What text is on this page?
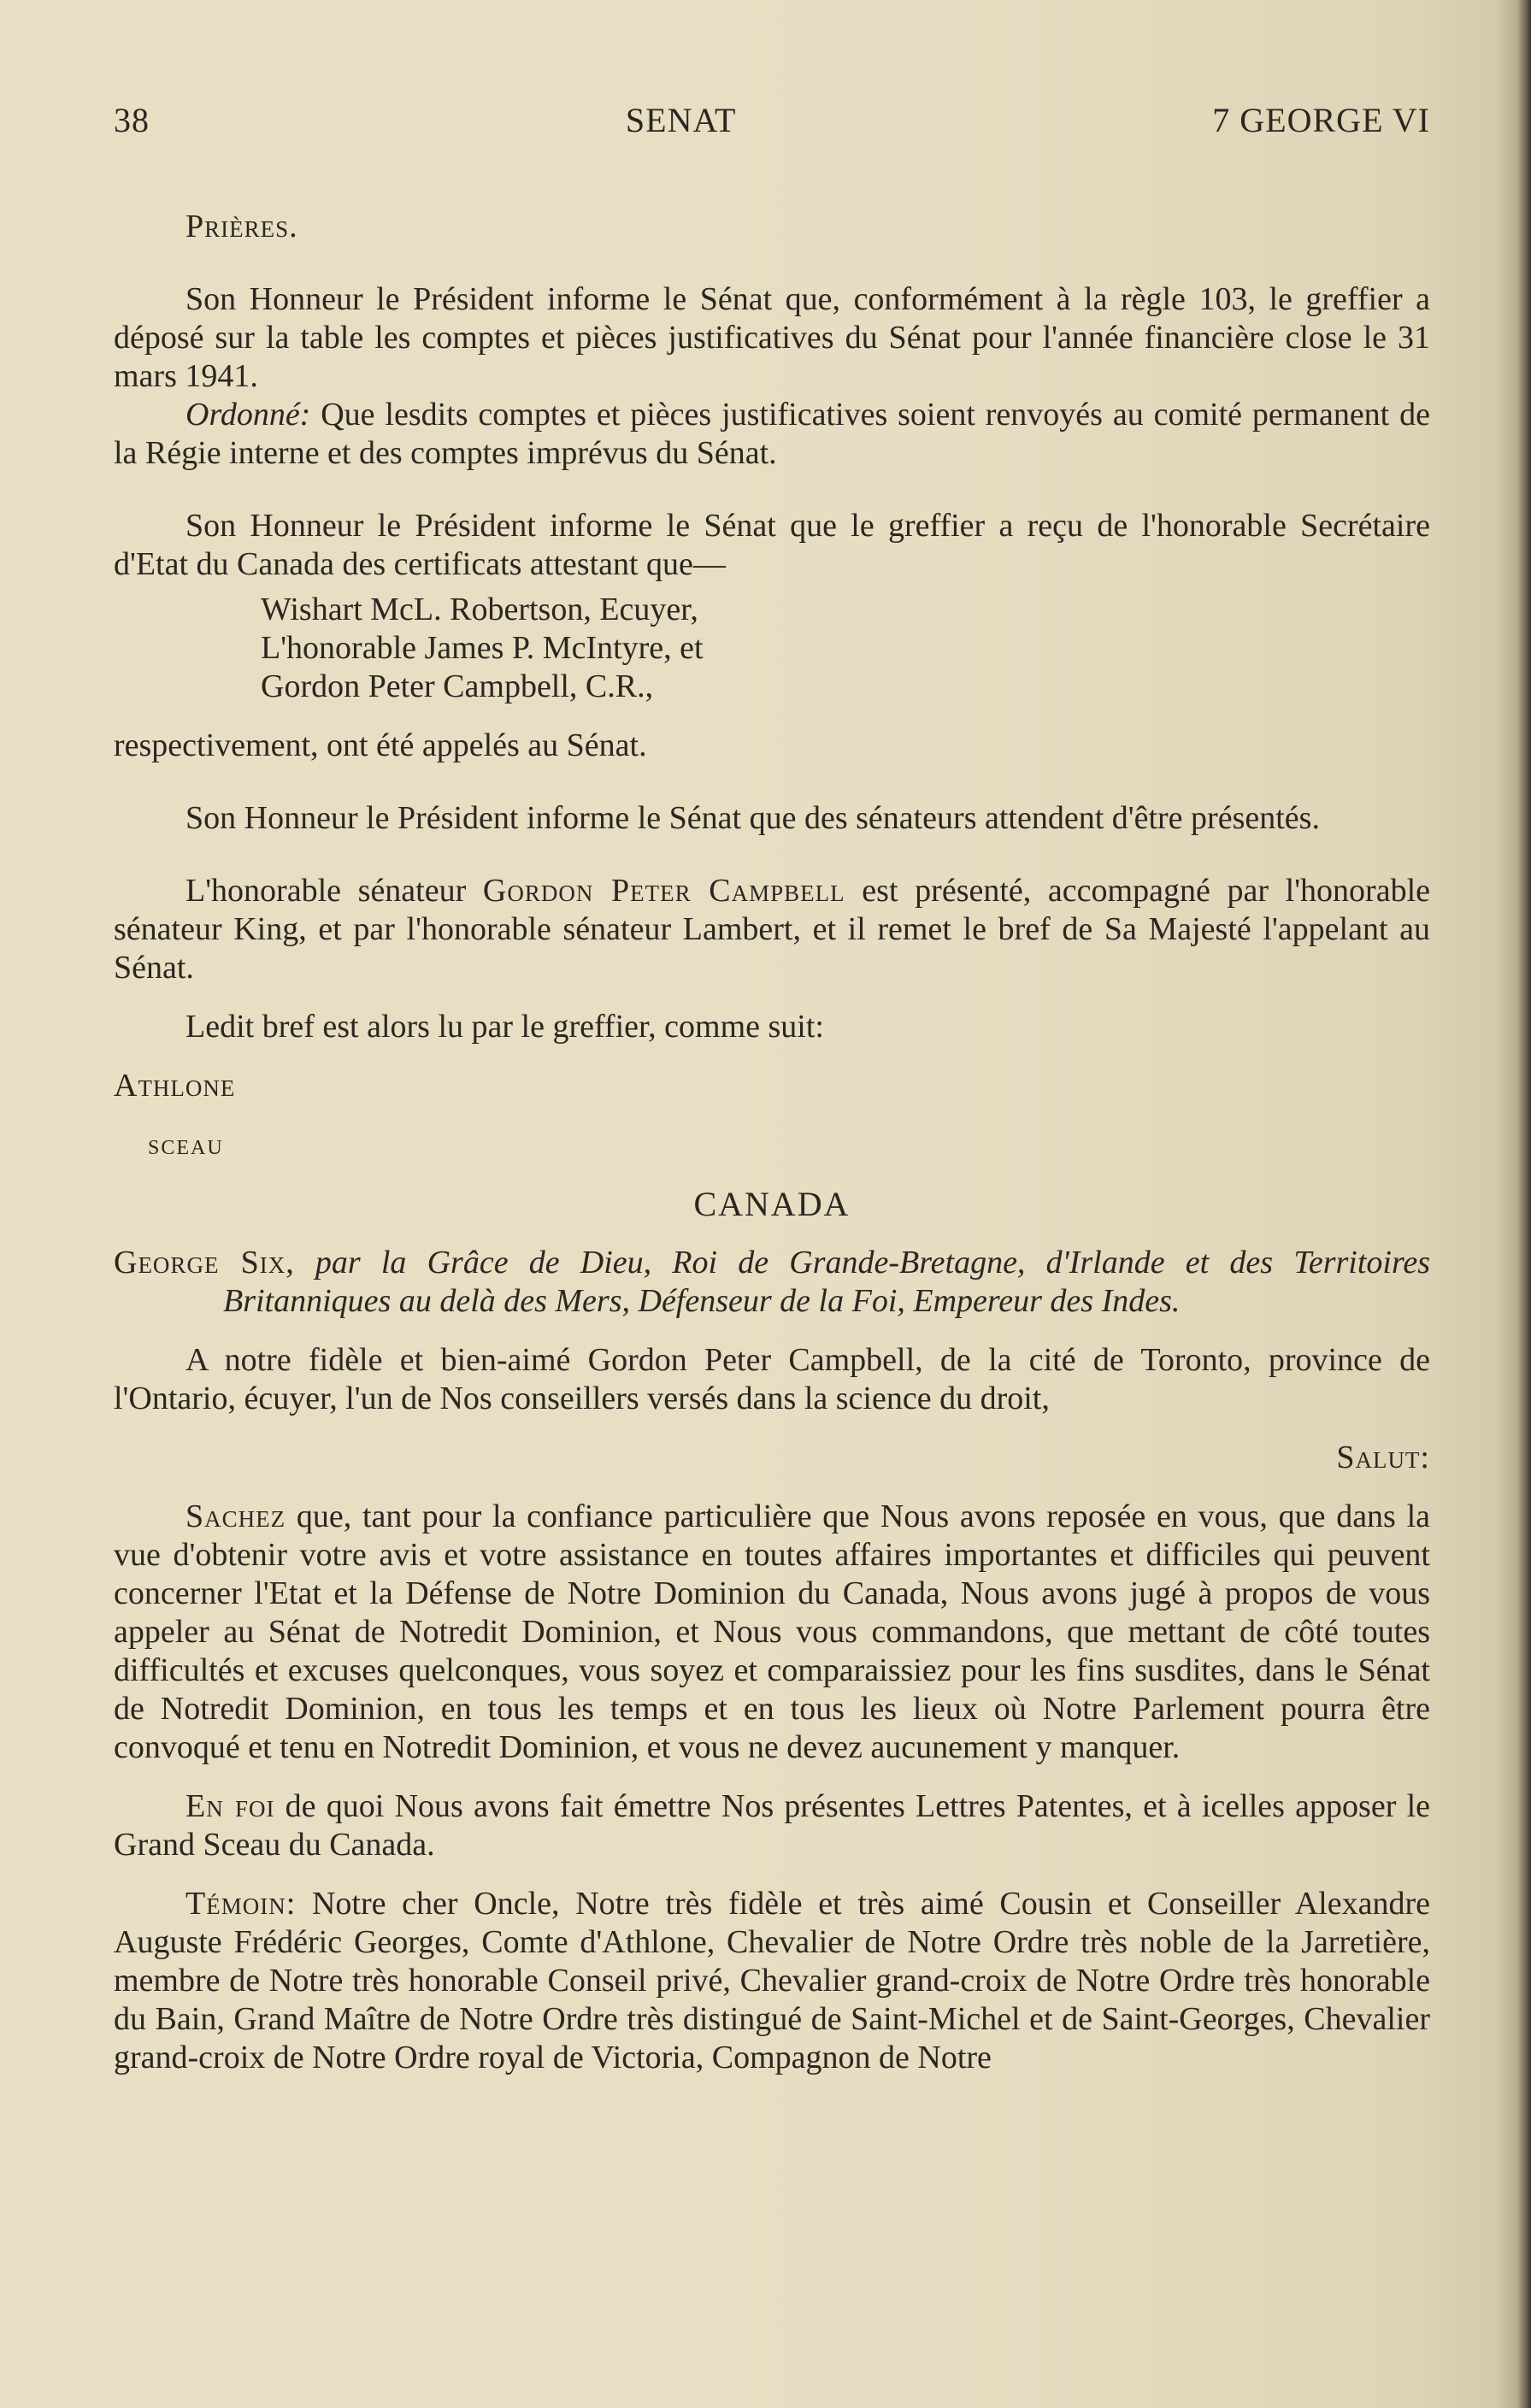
38	SENAT	7 GEORGE VI

Prières.

Son Honneur le Président informe le Sénat que, conformément à la règle 103, le greffier a déposé sur la table les comptes et pièces justificatives du Sénat pour l'année financière close le 31 mars 1941.

Ordonné: Que lesdits comptes et pièces justificatives soient renvoyés au comité permanent de la Régie interne et des comptes imprévus du Sénat.

Son Honneur le Président informe le Sénat que le greffier a reçu de l'honorable Secrétaire d'Etat du Canada des certificats attestant que—

Wishart McL. Robertson, Ecuyer,
L'honorable James P. McIntyre, et
Gordon Peter Campbell, C.R.,

respectivement, ont été appelés au Sénat.

Son Honneur le Président informe le Sénat que des sénateurs attendent d'être présentés.

L'honorable sénateur Gordon Peter Campbell est présenté, accompagné par l'honorable sénateur King, et par l'honorable sénateur Lambert, et il remet le bref de Sa Majesté l'appelant au Sénat.

Ledit bref est alors lu par le greffier, comme suit:

Athlone

sceau

CANADA

George Six, par la Grâce de Dieu, Roi de Grande-Bretagne, d'Irlande et des Territoires Britanniques au delà des Mers, Défenseur de la Foi, Empereur des Indes.

A notre fidèle et bien-aimé Gordon Peter Campbell, de la cité de Toronto, province de l'Ontario, écuyer, l'un de Nos conseillers versés dans la science du droit,

Salut:

Sachez que, tant pour la confiance particulière que Nous avons reposée en vous, que dans la vue d'obtenir votre avis et votre assistance en toutes affaires importantes et difficiles qui peuvent concerner l'Etat et la Défense de Notre Dominion du Canada, Nous avons jugé à propos de vous appeler au Sénat de Notredit Dominion, et Nous vous commandons, que mettant de côté toutes difficultés et excuses quelconques, vous soyez et comparaissiez pour les fins susdites, dans le Sénat de Notredit Dominion, en tous les temps et en tous les lieux où Notre Parlement pourra être convoqué et tenu en Notredit Dominion, et vous ne devez aucunement y manquer.

En foi de quoi Nous avons fait émettre Nos présentes Lettres Patentes, et à icelles apposer le Grand Sceau du Canada.

Témoin: Notre cher Oncle, Notre très fidèle et très aimé Cousin et Conseiller Alexandre Auguste Frédéric Georges, Comte d'Athlone, Chevalier de Notre Ordre très noble de la Jarretière, membre de Notre très honorable Conseil privé, Chevalier grand-croix de Notre Ordre très honorable du Bain, Grand Maître de Notre Ordre très distingué de Saint-Michel et de Saint-Georges, Chevalier grand-croix de Notre Ordre royal de Victoria, Compagnon de Notre
